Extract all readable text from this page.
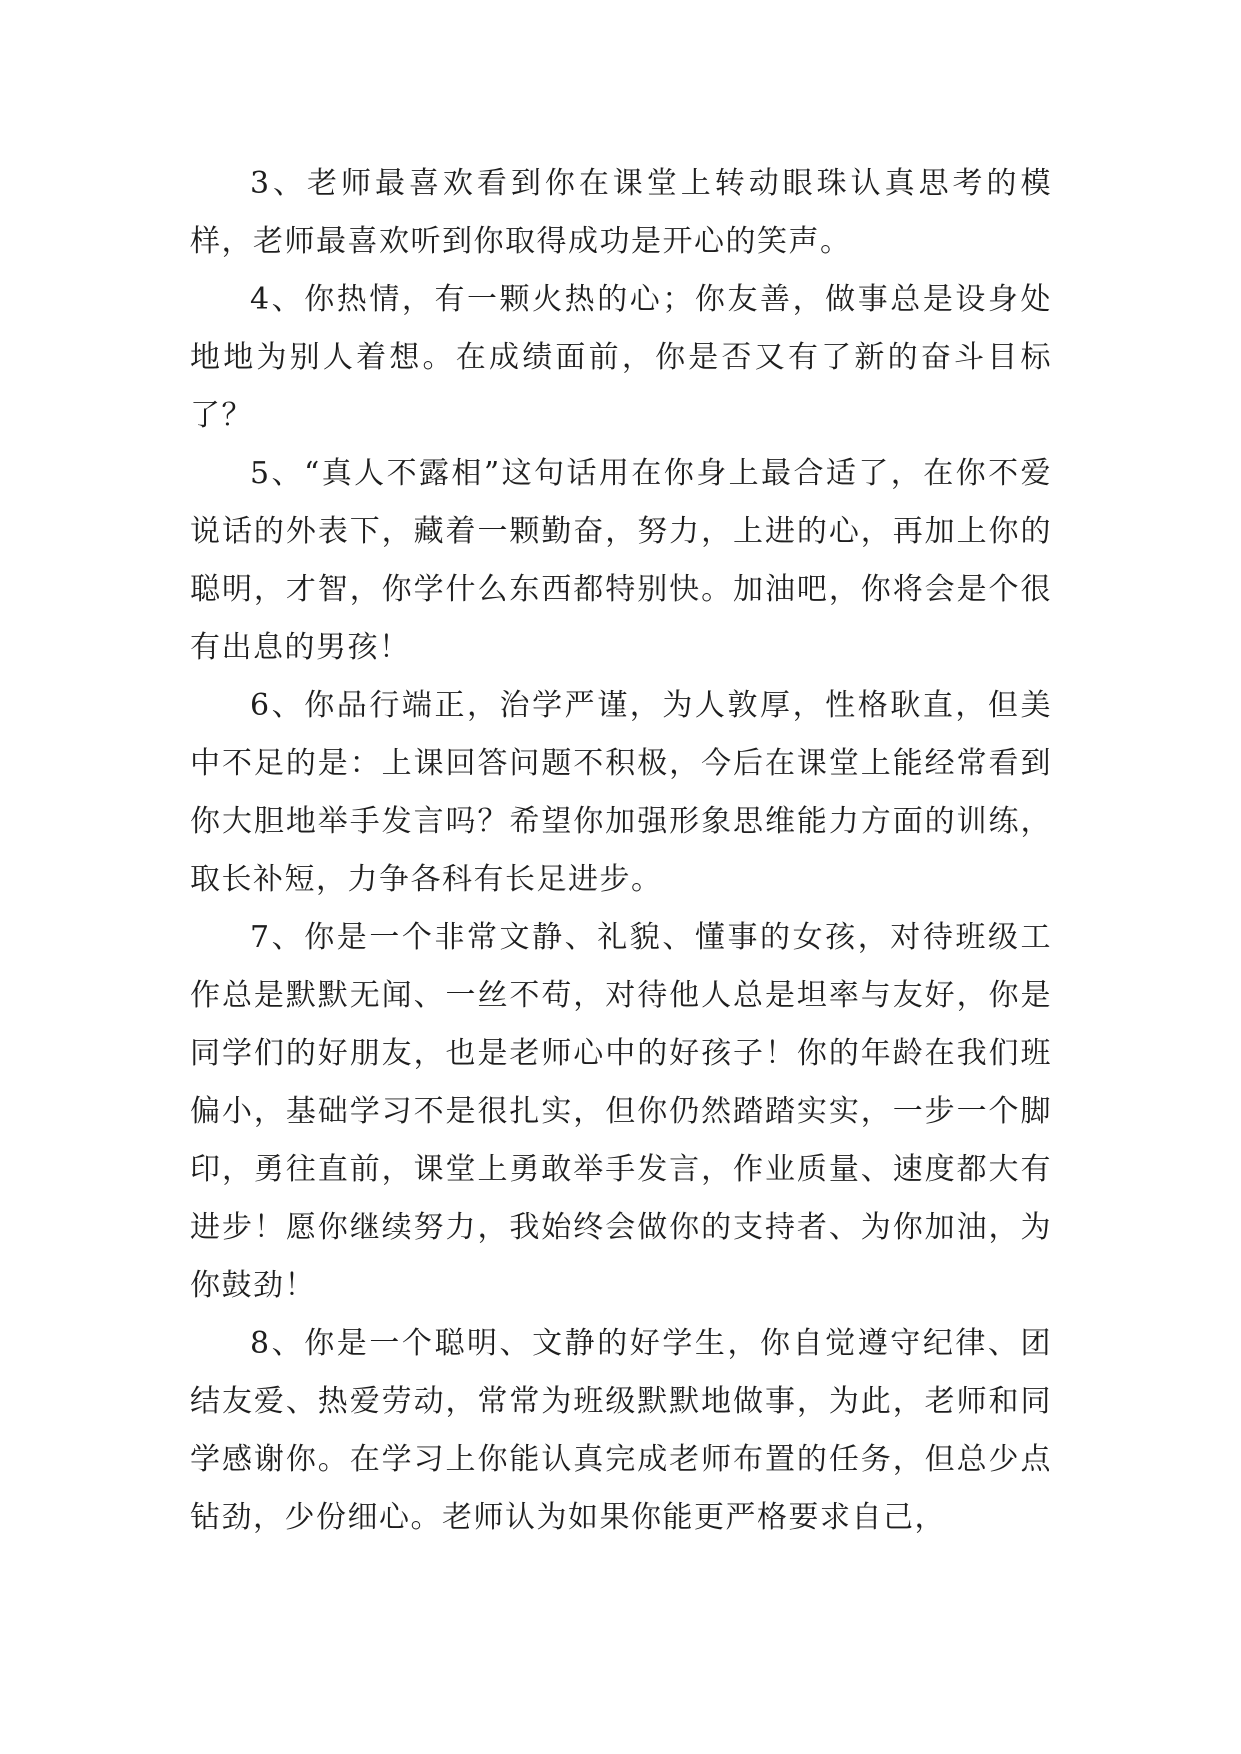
3、老师最喜欢看到你在课堂上转动眼珠认真思考的模样，老师最喜欢听到你取得成功是开心的笑声。

4、你热情，有一颗火热的心；你友善，做事总是设身处地地为别人着想。在成绩面前，你是否又有了新的奋斗目标了？

5、“真人不露相”这句话用在你身上最合适了，在你不爱说话的外表下，藏着一颗勤奋，努力，上进的心，再加上你的聪明，才智，你学什么东西都特别快。加油吧，你将会是个很有出息的男孩！

6、你品行端正，治学严谨，为人敦厚，性格耿直，但美中不足的是：上课回答问题不积极，今后在课堂上能经常看到你大胆地举手发言吗？希望你加强形象思维能力方面的训练，取长补短，力争各科有长足进步。

7、你是一个非常文静、礼貌、懂事的女孩，对待班级工作总是默默无闻、一丝不苟，对待他人总是坦率与友好，你是同学们的好朋友，也是老师心中的好孩子！你的年龄在我们班偏小，基础学习不是很扎实，但你仍然踏踏实实，一步一个脚印，勇往直前，课堂上勇敢举手发言，作业质量、速度都大有进步！愿你继续努力，我始终会做你的支持者、为你加油，为你鼓劲！

8、你是一个聪明、文静的好学生，你自觉遵守纪律、团结友爱、热爱劳动，常常为班级默默地做事，为此，老师和同学感谢你。在学习上你能认真完成老师布置的任务，但总少点钻劲，少份细心。老师认为如果你能更严格要求自己，
